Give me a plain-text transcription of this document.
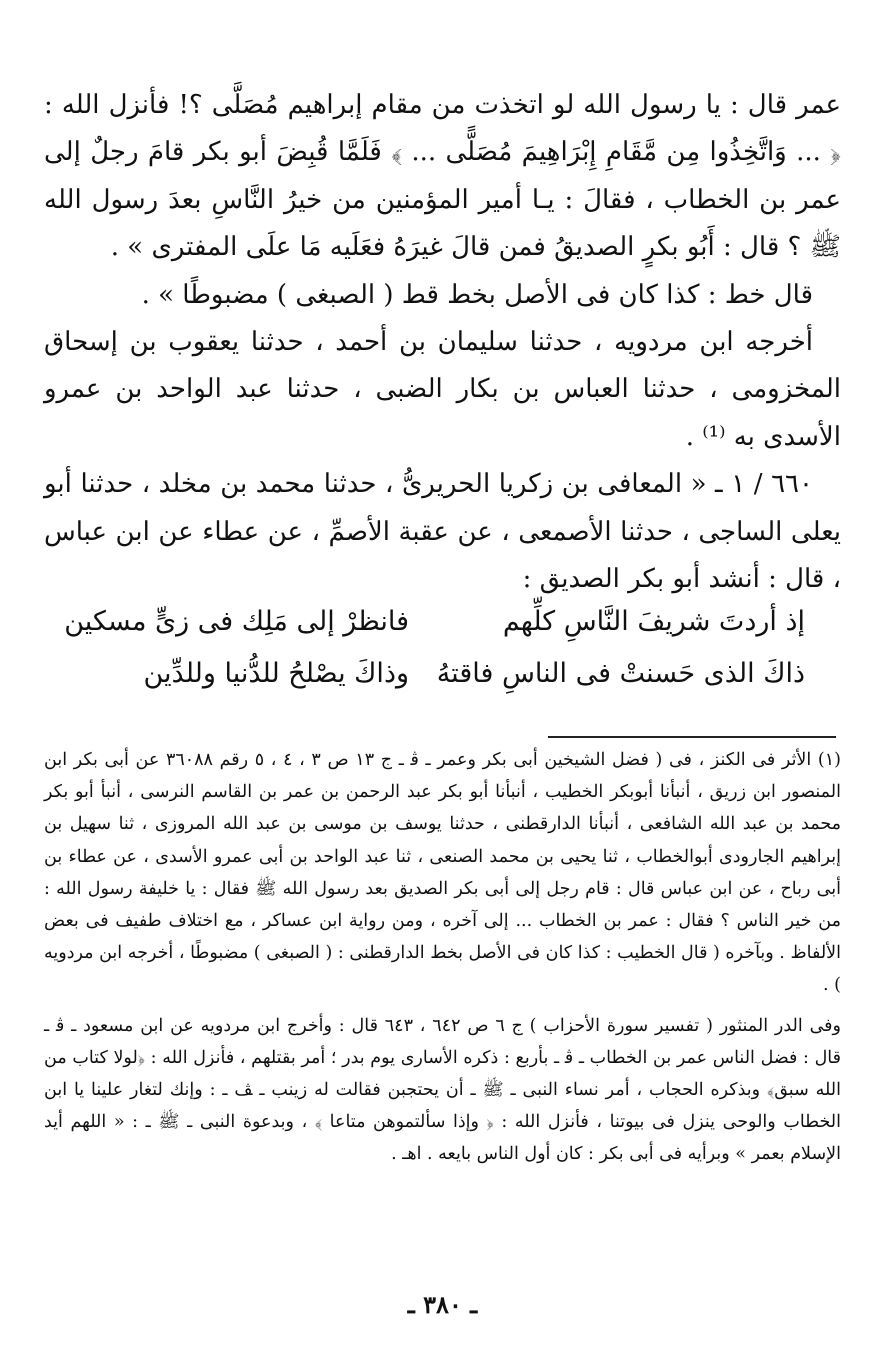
عمر قال : يا رسول الله لو اتخذت من مقام إبراهيم مُصَلَّى ؟! فأنزل الله : ﴿ ... وَاتَّخِذُوا مِن مَّقَامِ إِبْرَاهِيمَ مُصَلًّى ... ﴾ فَلَمَّا قُبِضَ أبو بكر قامَ رجلٌ إلى عمر بن الخطاب ، فقالَ : يـا أمير المؤمنين من خيرُ النَّاسِ بعدَ رسول الله ﷺ ؟ قال : أَبُو بكرٍ الصديقُ فمن قالَ غيرَهُ فعَلَيه مَا علَى المفترى » .

قال خط : كذا كان فى الأصل بخط قط ( الصبغى ) مضبوطًا » .

أخرجه ابن مردويه ، حدثنا سليمان بن أحمد ، حدثنا يعقوب بن إسحاق المخزومى ، حدثنا العباس بن بكار الضبى ، حدثنا عبد الواحد بن عمرو الأسدى به ⁽¹⁾ .

٦٦٠ / ١ ـ « المعافى بن زكريا الحريرىُّ ، حدثنا محمد بن مخلد ، حدثنا أبو يعلى الساجى ، حدثنا الأصمعى ، عن عقبة الأصمِّ ، عن عطاء عن ابن عباس ، قال : أنشد أبو بكر الصديق :

إذ أردتَ شريفَ النَّاسِ كلِّهم
فانظرْ إلى مَلِك فى زىٍّ مسكين
ذاكَ الذى حَسنتْ فى الناسِ فاقتهُ
وذاكَ يصْلحُ للدُّنيا وللدِّين

(١) الأثر فى الكنز ، فى ( فضل الشيخين أبى بكر وعمر ـ ﭬ ـ ج ١٣ ص ٣ ، ٤ ، ٥ رقم ٣٦٠٨٨ عن أبى بكر ابن المنصور ابن زريق ، أنبأنا أبوبكر الخطيب ، أنبأنا أبو بكر عبد الرحمن بن عمر بن القاسم النرسى ، أنبأ أبو بكر محمد بن عبد الله الشافعى ، أنبأنا الدارقطنى ، حدثنا يوسف بن موسى بن عبد الله المروزى ، ثنا سهيل بن إبراهيم الجارودى أبوالخطاب ، ثنا يحيى بن محمد الصنعى ، ثنا عبد الواحد بن أبى عمرو الأسدى ، عن عطاء بن أبى رباح ، عن ابن عباس قال : قام رجل إلى أبى بكر الصديق بعد رسول الله ﷺ فقال : يا خليفة رسول الله : من خير الناس ؟ فقال : عمر بن الخطاب ... إلى آخره ، ومن رواية ابن عساكر ، مع اختلاف طفيف فى بعض الألفاظ . وبآخره ( قال الخطيب : كذا كان فى الأصل بخط الدارقطنى : ( الصبغى ) مضبوطًا ، أخرجه ابن مردويه ) .

وفى الدر المنثور ( تفسير سورة الأحزاب ) ج ٦ ص ٦٤٢ ، ٦٤٣ قال : وأخرج ابن مردويه عن ابن مسعود ـ ﭬ ـ قال : فضل الناس عمر بن الخطاب ـ ﭬ ـ بأربع : ذكره الأسارى يوم بدر ؛ أمر بقتلهم ، فأنزل الله : ﴿لولا كتاب من الله سبق﴾ وبذكره الحجاب ، أمر نساء النبى ـ ﷺ ـ أن يحتجبن فقالت له زينب ـ ﭫ ـ : وإنك لتغار علينا يا ابن الخطاب والوحى ينزل فى بيوتنا ، فأنزل الله : ﴿ وإذا سألتموهن متاعا ﴾ ، وبدعوة النبى ـ ﷺ ـ : « اللهم أيد الإسلام بعمر » وبرأيه فى أبى بكر : كان أول الناس بايعه . اهـ .

ـ ٣٨٠ ـ
